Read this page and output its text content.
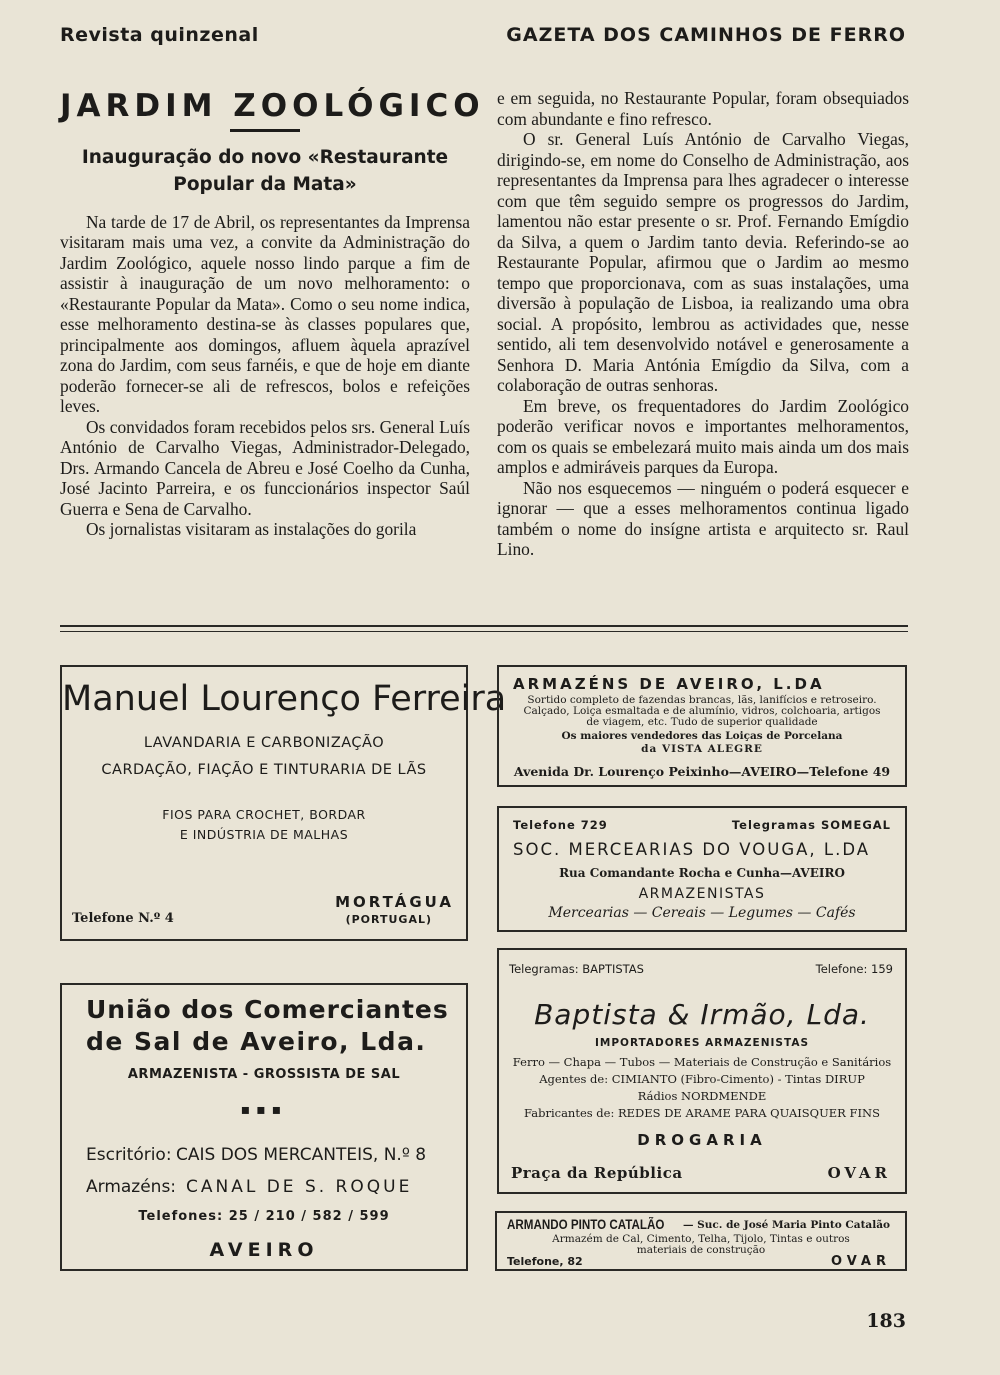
Revista quinzenal	GAZETA DOS CAMINHOS DE FERRO
JARDIM ZOOLÓGICO
Inauguração do novo «Restaurante
Popular da Mata»

Na tarde de 17 de Abril, os representantes da Imprensa visitaram mais uma vez, a convite da Administração do Jardim Zoológico, aquele nosso lindo parque a fim de assistir à inauguração de um novo melhoramento: o «Restaurante Popular da Mata». Como o seu nome indica, esse melhoramento destina-se às classes populares que, principalmente aos domingos, afluem àquela aprazível zona do Jardim, com seus farnéis, e que de hoje em diante poderão fornecer-se ali de refrescos, bolos e refeições leves.

Os convidados foram recebidos pelos srs. General Luís António de Carvalho Viegas, Administrador-Delegado, Drs. Armando Cancela de Abreu e José Coelho da Cunha, José Jacinto Parreira, e os funccionários inspector Saúl Guerra e Sena de Carvalho.

Os jornalistas visitaram as instalações do gorila

e em seguida, no Restaurante Popular, foram obsequiados com abundante e fino refresco.

O sr. General Luís António de Carvalho Viegas, dirigindo-se, em nome do Conselho de Administração, aos representantes da Imprensa para lhes agradecer o interesse com que têm seguido sempre os progressos do Jardim, lamentou não estar presente o sr. Prof. Fernando Emígdio da Silva, a quem o Jardim tanto devia. Referindo-se ao Restaurante Popular, afirmou que o Jardim ao mesmo tempo que proporcionava, com as suas instalações, uma diversão à população de Lisboa, ia realizando uma obra social. A propósito, lembrou as actividades que, nesse sentido, ali tem desenvolvido notável e generosamente a Senhora D. Maria Antónia Emígdio da Silva, com a colaboração de outras senhoras.

Em breve, os frequentadores do Jardim Zoológico poderão verificar novos e importantes melhoramentos, com os quais se embelezará muito mais ainda um dos mais amplos e admiráveis parques da Europa.

Não nos esquecemos — ninguém o poderá esquecer e ignorar — que a esses melhoramentos continua ligado também o nome do insígne artista e arquitecto sr. Raul Lino.

Manuel Lourenço Ferreira
LAVANDARIA E CARBONIZAÇÃO
CARDAÇÃO, FIAÇÃO E TINTURARIA DE LÃS
FIOS PARA CROCHET, BORDAR
E INDÚSTRIA DE MALHAS
Telefone N.º 4
MORTÁGUA
(PORTUGAL)
União dos Comerciantes
de Sal de Aveiro, Lda.
ARMAZENISTA - GROSSISTA DE SAL
▪▪▪
Escritório: CAIS DOS MERCANTEIS, N.º 8
Armazéns: CANAL DE S. ROQUE
Telefones: 25 / 210 / 582 / 599
AVEIRO
ARMAZÉNS DE AVEIRO, L.DA
Sortido completo de fazendas brancas, lãs, lanifícios e retroseiro.
Calçado, Loiça esmaltada e de alumínio, vidros, colchoaria, artigos
de viagem, etc. Tudo de superior qualidade
Os maiores vendedores das Loiças de Porcelana
da VISTA ALEGRE
Avenida Dr. Lourenço Peixinho—AVEIRO—Telefone 49
Telefone 729	Telegramas SOMEGAL
SOC. MERCEARIAS DO VOUGA, L.DA
Rua Comandante Rocha e Cunha—AVEIRO
ARMAZENISTAS
Mercearias — Cereais — Legumes — Cafés
Telegramas: BAPTISTAS	Telefone: 159
Baptista & Irmão, Lda.
IMPORTADORES ARMAZENISTAS
Ferro — Chapa — Tubos — Materiais de Construção e Sanitários
Agentes de: CIMIANTO (Fibro-Cimento) - Tintas DIRUP
Rádios NORDMENDE
Fabricantes de: REDES DE ARAME PARA QUAISQUER FINS
DROGARIA
Praça da República	OVAR
ARMANDO PINTO CATALÃO — Suc. de José Maria Pinto Catalão
Armazém de Cal, Cimento, Telha, Tijolo, Tintas e outros
materiais de construção
Telefone, 82	OVAR
183
